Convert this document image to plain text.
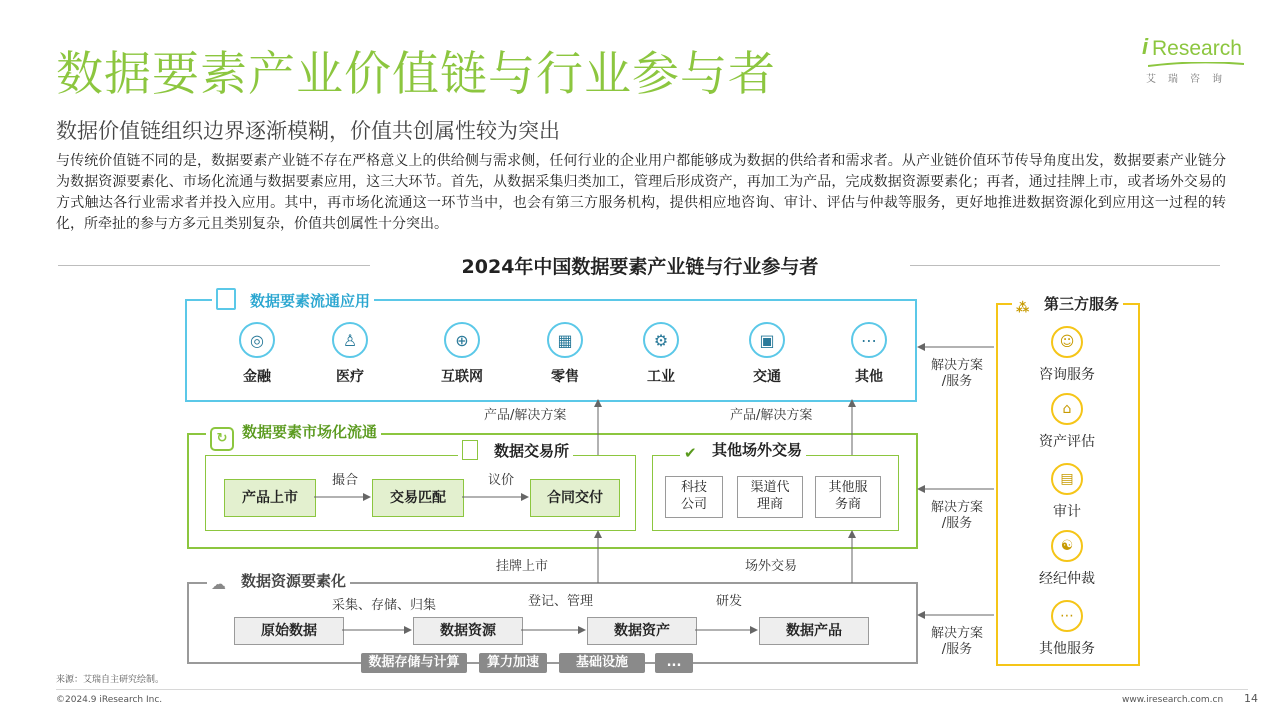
数据要素产业价值链与行业参与者
数据价值链组织边界逐渐模糊，价值共创属性较为突出
与传统价值链不同的是，数据要素产业链不存在严格意义上的供给侧与需求侧，任何行业的企业用户都能够成为数据的供给者和需求者。从产业链价值环节传导角度出发，数据要素产业链分为数据资源要素化、市场化流通与数据要素应用，这三大环节。首先，从数据采集归类加工，管理后形成资产，再加工为产品，完成数据资源要素化；再者，通过挂牌上市，或者场外交易的方式触达各行业需求者并投入应用。其中，再市场化流通这一环节当中，也会有第三方服务机构，提供相应地咨询、审计、评估与仲裁等服务，更好地推进数据资源化到应用这一过程的转化，所牵扯的参与方多元且类别复杂，价值共创属性十分突出。
i Research
艾瑞咨询
2024年中国数据要素产业链与行业参与者
数据要素流通应用
◎
金融
♙
医疗
⊕
互联网
▦
零售
⚙
工业
▣
交通
⋯
其他
↻ 数据要素市场化流通
数据交易所
产品上市	交易匹配	合同交付
撮合	议价
✔ 其他场外交易
科技
公司
渠道代
理商
其他服
务商
产品/解决方案	产品/解决方案
☁ 数据资源要素化
原始数据	数据资源	数据资产	数据产品
采集、存储、归集	登记、管理	研发
挂牌上市	场外交易
数据存储与计算	算力加速	基础设施	...
⁂ 第三方服务
☺
咨询服务
⌂
资产评估
▤
审计
☯
经纪仲裁
⋯
其他服务
解决方案
/服务
解决方案
/服务
解决方案
/服务
来源：艾瑞自主研究绘制。
©2024.9 iResearch Inc.	www.iresearch.com.cn 14
